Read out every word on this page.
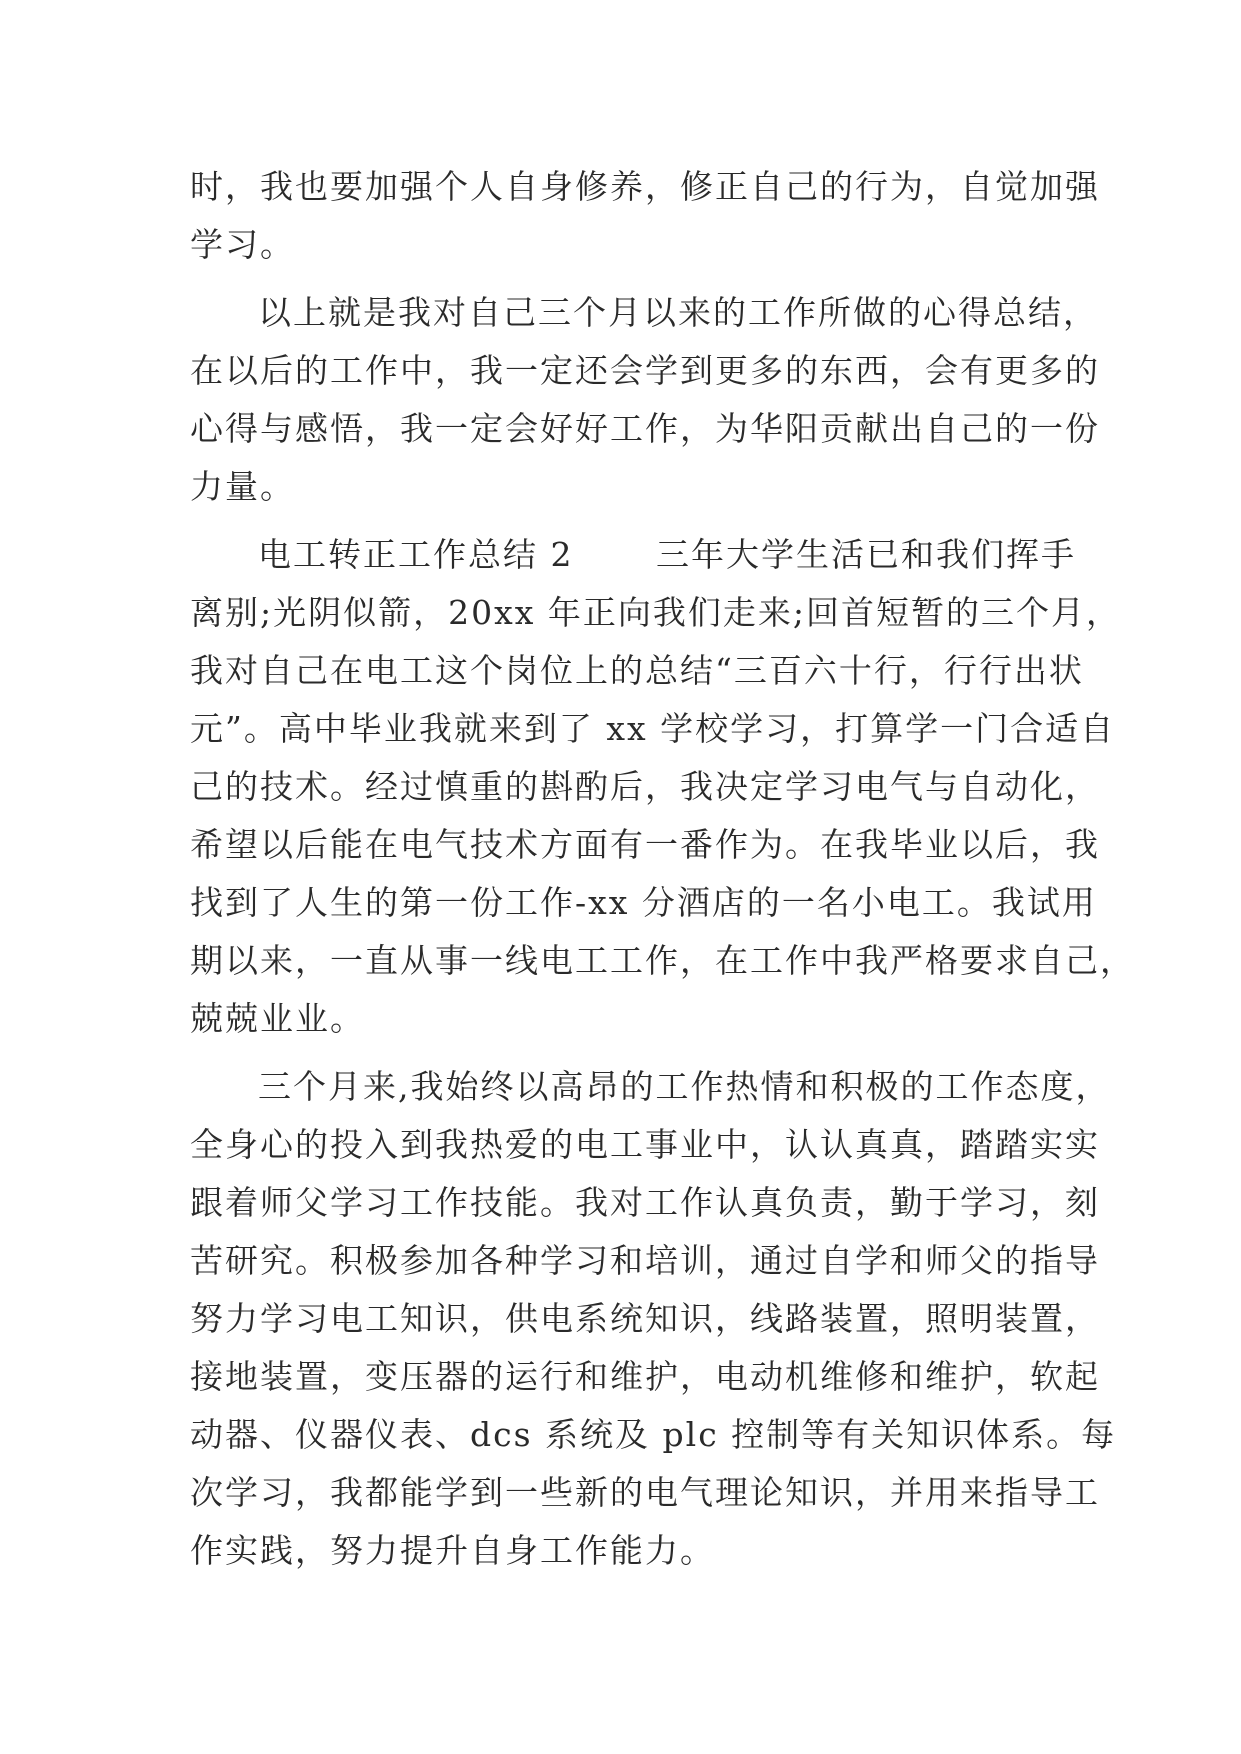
时，我也要加强个人自身修养，修正自己的行为，自觉加强
学习。
以上就是我对自己三个月以来的工作所做的心得总结，
在以后的工作中，我一定还会学到更多的东西，会有更多的
心得与感悟，我一定会好好工作，为华阳贡献出自己的一份
力量。
电工转正工作总结 2　　 三年大学生活已和我们挥手
离别;光阴似箭，20xx 年正向我们走来;回首短暂的三个月，
我对自己在电工这个岗位上的总结“三百六十行，行行出状
元”。高中毕业我就来到了 xx 学校学习，打算学一门合适自
己的技术。经过慎重的斟酌后，我决定学习电气与自动化，
希望以后能在电气技术方面有一番作为。在我毕业以后，我
找到了人生的第一份工作-xx 分酒店的一名小电工。我试用
期以来，一直从事一线电工工作，在工作中我严格要求自己，
兢兢业业。
三个月来,我始终以高昂的工作热情和积极的工作态度，
全身心的投入到我热爱的电工事业中，认认真真，踏踏实实
跟着师父学习工作技能。我对工作认真负责，勤于学习，刻
苦研究。积极参加各种学习和培训，通过自学和师父的指导
努力学习电工知识，供电系统知识，线路装置，照明装置，
接地装置，变压器的运行和维护，电动机维修和维护，软起
动器、仪器仪表、dcs 系统及 plc 控制等有关知识体系。每
次学习，我都能学到一些新的电气理论知识，并用来指导工
作实践，努力提升自身工作能力。
